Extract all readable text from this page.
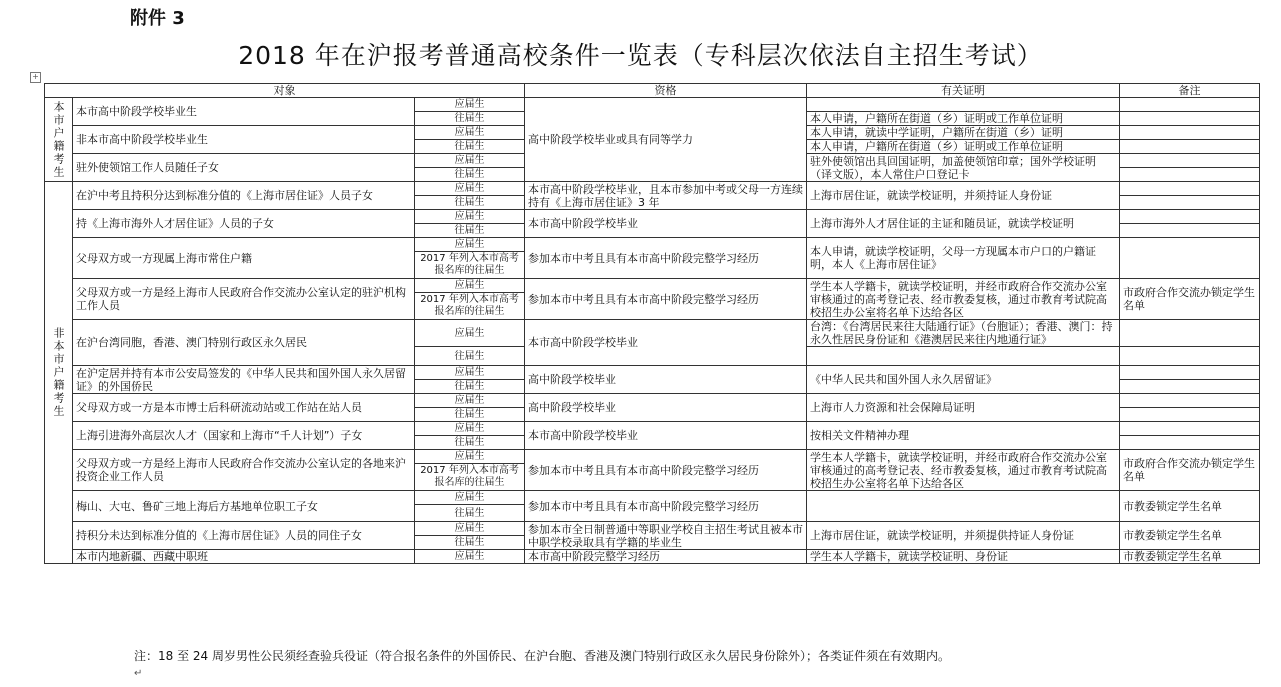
附件 3
2018 年在沪报考普通高校条件一览表（专科层次依法自主招生考试）
+
对象			资格	有关证明	备注
本市户籍考生	本市高中阶段学校毕业生	应届生	高中阶段学校毕业或具有同等学力		
		往届生		本人申请，户籍所在街道（乡）证明或工作单位证明	
	非本市高中阶段学校毕业生	应届生		本人申请，就读中学证明，户籍所在街道（乡）证明	
		往届生		本人申请，户籍所在街道（乡）证明或工作单位证明	
	驻外使领馆工作人员随任子女	应届生		驻外使领馆出具回国证明，加盖使领馆印章；国外学校证明（译文版），本人常住户口登记卡	
		往届生			
非本市户籍考生	在沪中考且持积分达到标准分值的《上海市居住证》人员子女	应届生	本市高中阶段学校毕业，且本市参加中考或父母一方连续持有《上海市居住证》3 年	上海市居住证，就读学校证明，并须持证人身份证	
		往届生			
	持《上海市海外人才居住证》人员的子女	应届生	本市高中阶段学校毕业	上海市海外人才居住证的主证和随员证，就读学校证明	
		往届生			
	父母双方或一方现属上海市常住户籍	应届生	参加本市中考且具有本市高中阶段完整学习经历	本人申请，就读学校证明，父母一方现属本市户口的户籍证明，本人《上海市居住证》	
		2017 年列入本市高考报名库的往届生			
	父母双方或一方是经上海市人民政府合作交流办公室认定的驻沪机构工作人员	应届生	参加本市中考且具有本市高中阶段完整学习经历	学生本人学籍卡，就读学校证明，并经市政府合作交流办公室审核通过的高考登记表、经市教委复核，通过市教育考试院高校招生办公室将名单下达给各区	市政府合作交流办锁定学生名单
		2017 年列入本市高考报名库的往届生			
	在沪台湾同胞，香港、澳门特别行政区永久居民	应届生	本市高中阶段学校毕业	台湾：《台湾居民来往大陆通行证》（台胞证）；香港、澳门：持永久性居民身份证和《港澳居民来往内地通行证》	
		往届生			
	在沪定居并持有本市公安局签发的《中华人民共和国外国人永久居留证》的外国侨民	应届生	高中阶段学校毕业	《中华人民共和国外国人永久居留证》	
		往届生			
	父母双方或一方是本市博士后科研流动站或工作站在站人员	应届生	高中阶段学校毕业	上海市人力资源和社会保障局证明	
		往届生			
	上海引进海外高层次人才（国家和上海市“千人计划”）子女	应届生	本市高中阶段学校毕业	按相关文件精神办理	
		往届生			
	父母双方或一方是经上海市人民政府合作交流办公室认定的各地来沪投资企业工作人员	应届生	参加本市中考且具有本市高中阶段完整学习经历	学生本人学籍卡，就读学校证明，并经市政府合作交流办公室审核通过的高考登记表、经市教委复核，通过市教育考试院高校招生办公室将名单下达给各区	市政府合作交流办锁定学生名单
		2017 年列入本市高考报名库的往届生			
	梅山、大屯、鲁矿三地上海后方基地单位职工子女	应届生	参加本市中考且具有本市高中阶段完整学习经历		市教委锁定学生名单
		往届生			
	持积分未达到标准分值的《上海市居住证》人员的同住子女	应届生	参加本市全日制普通中等职业学校自主招生考试且被本市中职学校录取具有学籍的毕业生	上海市居住证，就读学校证明，并须提供持证人身份证	市教委锁定学生名单
		往届生			
	本市内地新疆、西藏中职班	应届生	本市高中阶段完整学习经历	学生本人学籍卡，就读学校证明、身份证	市教委锁定学生名单
注：18 至 24 周岁男性公民须经查验兵役证（符合报名条件的外国侨民、在沪台胞、香港及澳门特别行政区永久居民身份除外）；各类证件须在有效期内。
↵
